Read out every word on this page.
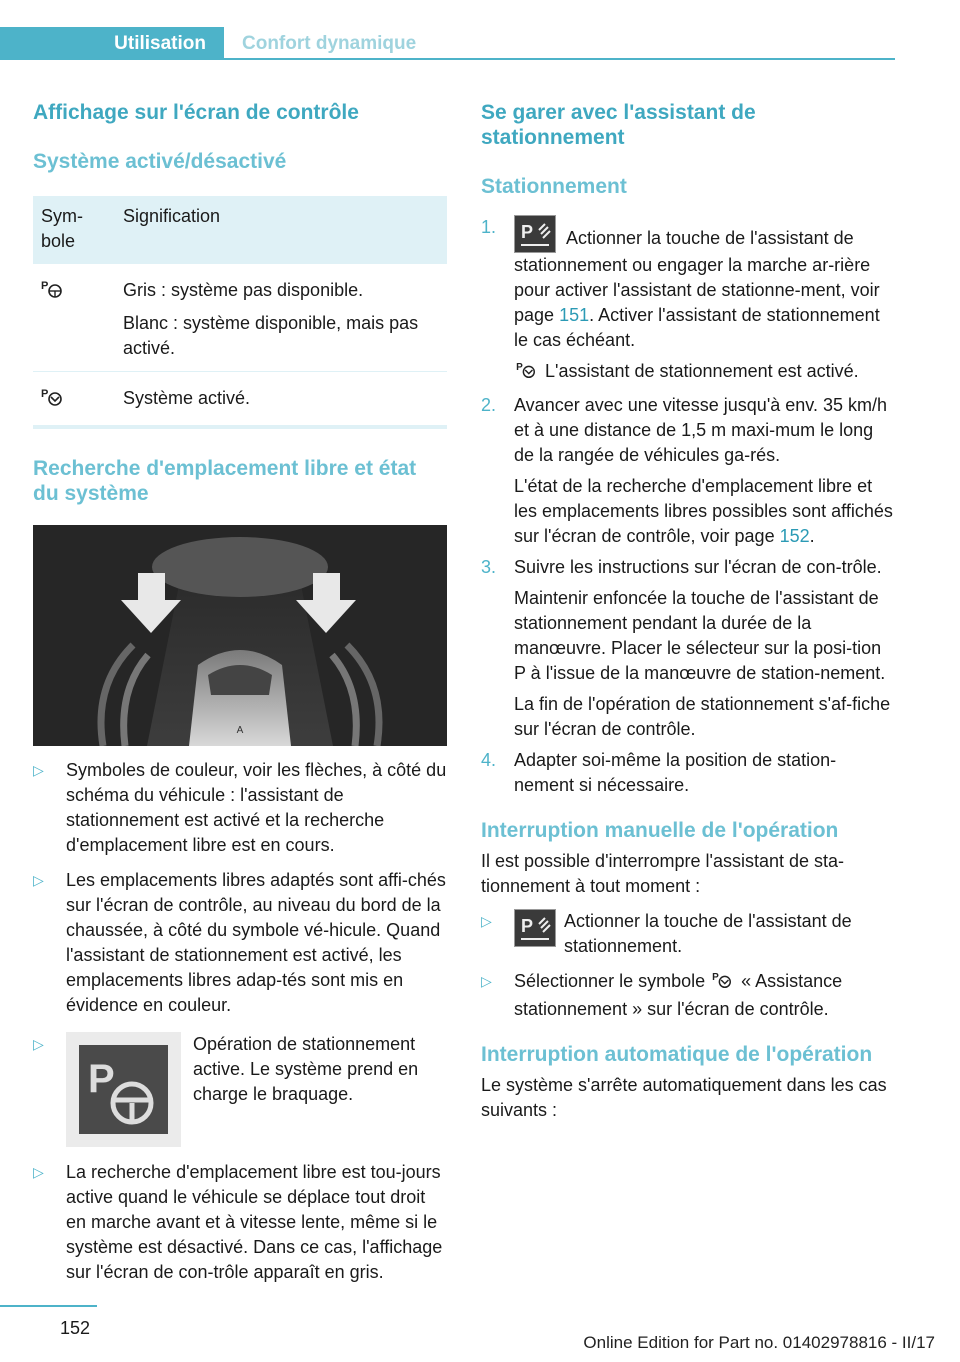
Utilisation Confort dynamique
Affichage sur l'écran de contrôle
Système activé/désactivé
Sym‐
bole	Signification

P	Gris : système pas disponible.

Blanc : système disponible, mais pas activé.

P	Système activé.
Recherche d'emplacement libre et état du système
A
▷ Symboles de couleur, voir les flèches, à côté du schéma du véhicule : l'assistant de stationnement est activé et la recherche d'emplacement libre est en cours.
▷ Les emplacements libres adaptés sont affi‐chés sur l'écran de contrôle, au niveau du bord de la chaussée, à côté du symbole vé‐hicule. Quand l'assistant de stationnement est activé, les emplacements libres adap‐tés sont mis en évidence en couleur.
▷
P
Opération de stationnement active. Le système prend en charge le braquage.
▷ La recherche d'emplacement libre est tou‐jours active quand le véhicule se déplace tout droit en marche avant et à vitesse lente, même si le système est désactivé. Dans ce cas, l'affichage sur l'écran de con‐trôle apparaît en gris.
Se garer avec l'assistant de stationnement
Stationnement
1. P Actionner la touche de l'assistant de stationnement ou engager la marche ar‐rière pour activer l'assistant de stationne‐ment, voir page 151. Activer l'assistant de stationnement le cas échéant.

P L'assistant de stationnement est activé.

2. Avancer avec une vitesse jusqu'à env. 35 km/h et à une distance de 1,5 m maxi‐mum le long de la rangée de véhicules ga‐rés.

L'état de la recherche d'emplacement libre et les emplacements libres possibles sont affichés sur l'écran de contrôle, voir page 152.

3. Suivre les instructions sur l'écran de con‐trôle.

Maintenir enfoncée la touche de l'assistant de stationnement pendant la durée de la manœuvre. Placer le sélecteur sur la posi‐tion P à l'issue de la manœuvre de station‐nement.

La fin de l'opération de stationnement s'af‐fiche sur l'écran de contrôle.

4. Adapter soi-même la position de station‐nement si nécessaire.

Interruption manuelle de l'opération

Il est possible d'interrompre l'assistant de sta‐tionnement à tout moment :

▷ P Actionner la touche de l'assistant de stationnement.
▷ Sélectionner le symbole P « Assistance stationnement » sur l'écran de contrôle.
Interruption automatique de l'opération

Le système s'arrête automatiquement dans les cas suivants :

152
Online Edition for Part no. 01402978816 - II/17
